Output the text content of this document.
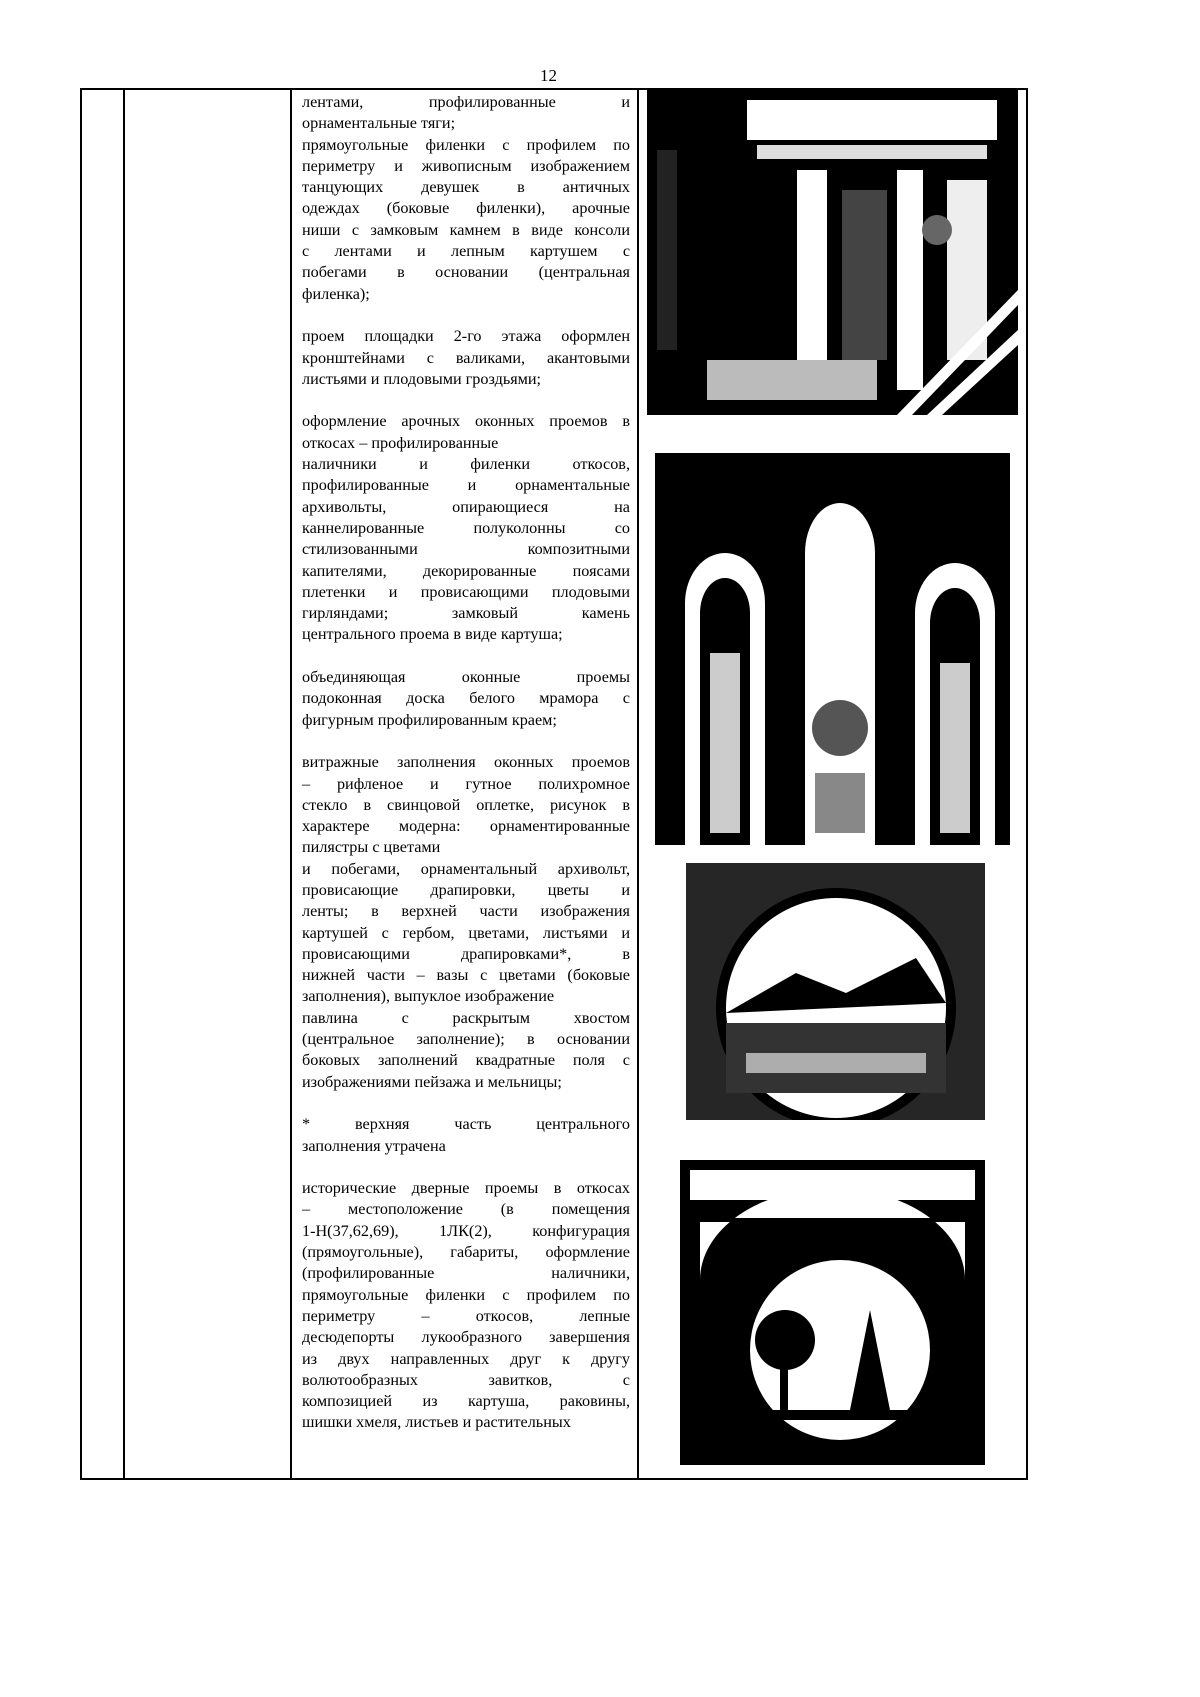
12
лентами, профилированные и
орнаментальные тяги;
прямоугольные филенки с профилем по
периметру и живописным изображением
танцующих девушек в античных
одеждах (боковые филенки), арочные
ниши с замковым камнем в виде консоли
с лентами и лепным картушем с
побегами в основании (центральная
филенка);
проем площадки 2-го этажа оформлен
кронштейнами с валиками, акантовыми
листьями и плодовыми гроздьями;
оформление арочных оконных проемов в
откосах – профилированные
наличники и филенки откосов,
профилированные и орнаментальные
архивольты, опирающиеся на
каннелированные полуколонны со
стилизованными композитными
капителями, декорированные поясами
плетенки и провисающими плодовыми
гирляндами; замковый камень
центрального проема в виде картуша;
объединяющая оконные проемы
подоконная доска белого мрамора с
фигурным профилированным краем;
витражные заполнения оконных проемов
– рифленое и гутное полихромное
стекло в свинцовой оплетке, рисунок в
характере модерна: орнаментированные
пилястры с цветами
и побегами, орнаментальный архивольт,
провисающие драпировки, цветы и
ленты; в верхней части изображения
картушей с гербом, цветами, листьями и
провисающими драпировками*, в
нижней части – вазы с цветами (боковые
заполнения), выпуклое изображение
павлина с раскрытым хвостом
(центральное заполнение); в основании
боковых заполнений квадратные поля с
изображениями пейзажа и мельницы;
* верхняя часть центрального
заполнения утрачена
исторические дверные проемы в откосах
– местоположение (в помещения
1-Н(37,62,69), 1ЛК(2), конфигурация
(прямоугольные), габариты, оформление
(профилированные наличники,
прямоугольные филенки с профилем по
периметру – откосов, лепные
десюдепорты лукообразного завершения
из двух направленных друг к другу
волютообразных завитков, с
композицией из картуша, раковины,
шишки хмеля, листьев и растительных
